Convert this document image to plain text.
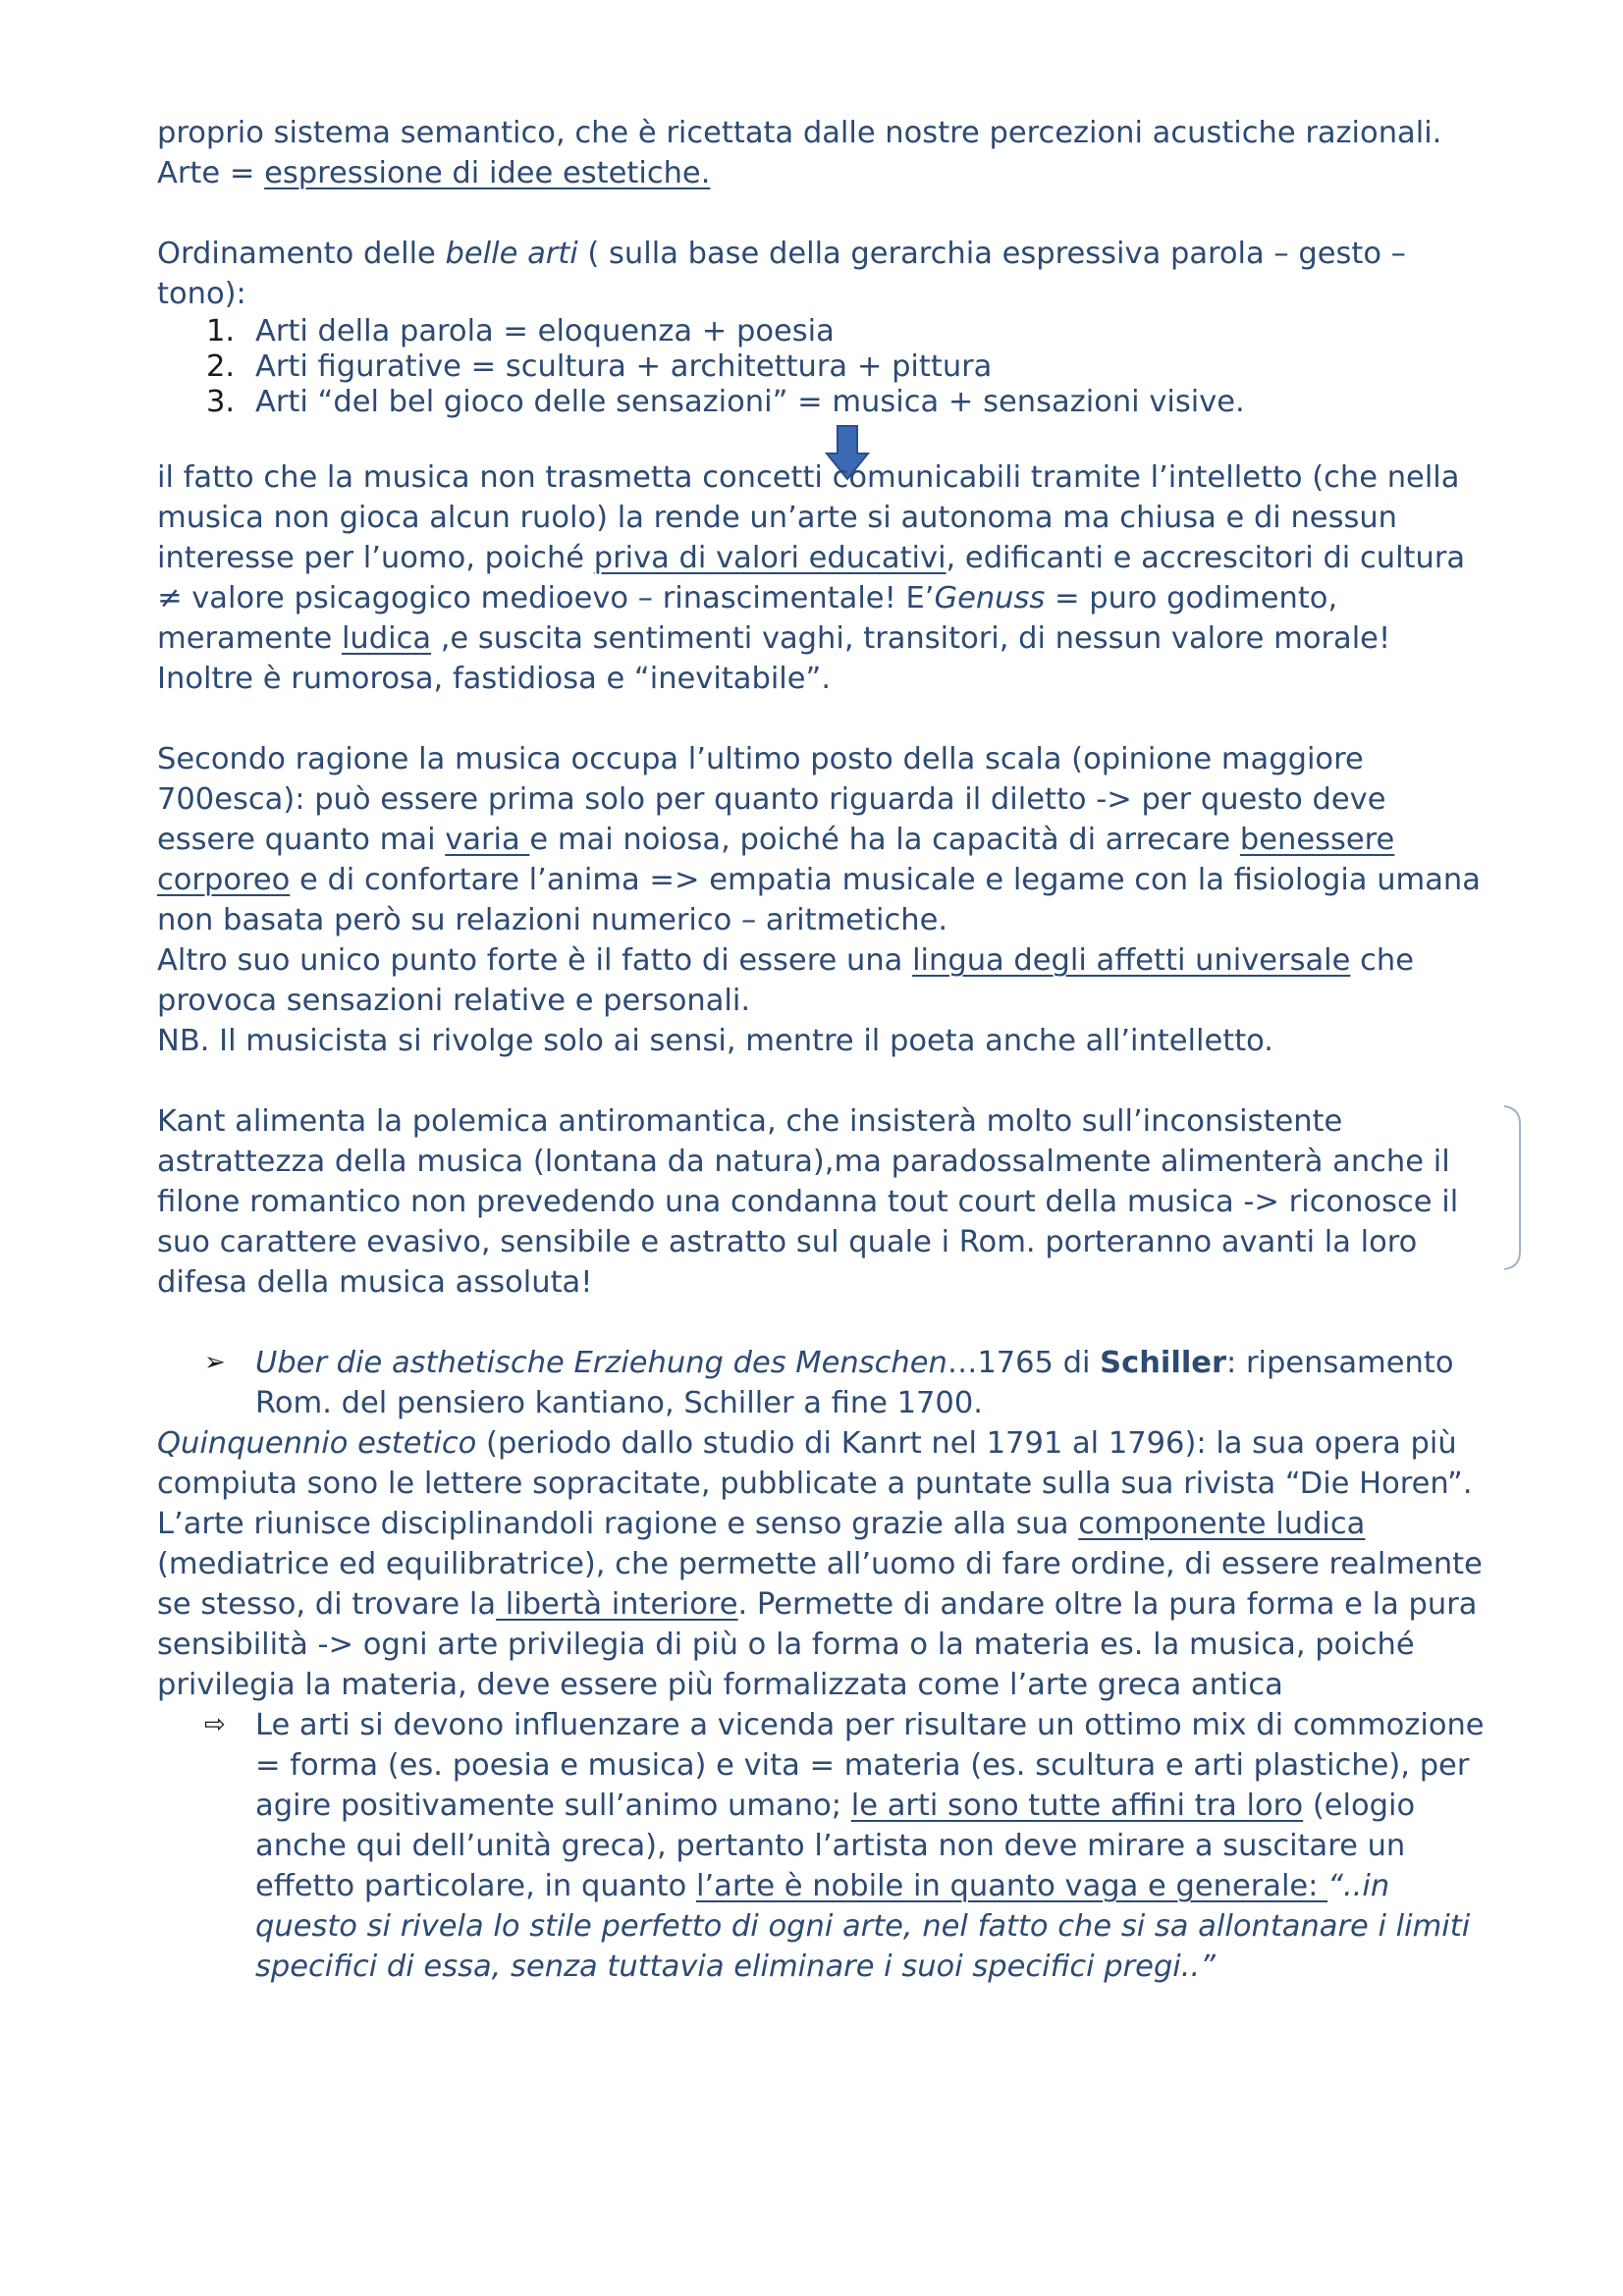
proprio sistema semantico, che è ricettata dalle nostre percezioni acustiche razionali.

Arte = espressione di idee estetiche.

Ordinamento delle belle arti ( sulla base della gerarchia espressiva parola – gesto – tono):

1. Arti della parola = eloquenza + poesia
2. Arti figurative = scultura + architettura + pittura
3. Arti “del bel gioco delle sensazioni” = musica + sensazioni visive.

il fatto che la musica non trasmetta concetti comunicabili tramite l’intelletto (che nella musica non gioca alcun ruolo) la rende un’arte si autonoma ma chiusa e di nessun interesse per l’uomo, poiché priva di valori educativi, edificanti e accrescitori di cultura ≠ valore psicagogico medioevo – rinascimentale! E’Genuss = puro godimento, meramente ludica ,e suscita sentimenti vaghi, transitori, di nessun valore morale! Inoltre è rumorosa, fastidiosa e “inevitabile”.

Secondo ragione la musica occupa l’ultimo posto della scala (opinione maggiore 700esca): può essere prima solo per quanto riguarda il diletto -> per questo deve essere quanto mai varia e mai noiosa, poiché ha la capacità di arrecare benessere corporeo e di confortare l’anima => empatia musicale e legame con la fisiologia umana non basata però su relazioni numerico – aritmetiche.

Altro suo unico punto forte è il fatto di essere una lingua degli affetti universale che provoca sensazioni relative e personali.

NB. Il musicista si rivolge solo ai sensi, mentre il poeta anche all’intelletto.

Kant alimenta la polemica antiromantica, che insisterà molto sull’inconsistente astrattezza della musica (lontana da natura),ma paradossalmente alimenterà anche il filone romantico non prevedendo una condanna tout court della musica -> riconosce il suo carattere evasivo, sensibile e astratto sul quale i Rom. porteranno avanti la loro difesa della musica assoluta!

➢ Uber die asthetische Erziehung des Menschen…1765 di Schiller: ripensamento Rom. del pensiero kantiano, Schiller a fine 1700.

Quinquennio estetico (periodo dallo studio di Kanrt nel 1791 al 1796): la sua opera più compiuta sono le lettere sopracitate, pubblicate a puntate sulla sua rivista “Die Horen”.

L’arte riunisce disciplinandoli ragione e senso grazie alla sua componente ludica (mediatrice ed equilibratrice), che permette all’uomo di fare ordine, di essere realmente se stesso, di trovare la libertà interiore. Permette di andare oltre la pura forma e la pura sensibilità -> ogni arte privilegia di più o la forma o la materia es. la musica, poiché privilegia la materia, deve essere più formalizzata come l’arte greca antica

⇨ Le arti si devono influenzare a vicenda per risultare un ottimo mix di commozione = forma (es. poesia e musica) e vita = materia (es. scultura e arti plastiche), per agire positivamente sull’animo umano; le arti sono tutte affini tra loro (elogio anche qui dell’unità greca), pertanto l’artista non deve mirare a suscitare un effetto particolare, in quanto l’arte è nobile in quanto vaga e generale: “..in questo si rivela lo stile perfetto di ogni arte, nel fatto che si sa allontanare i limiti specifici di essa, senza tuttavia eliminare i suoi specifici pregi..”
